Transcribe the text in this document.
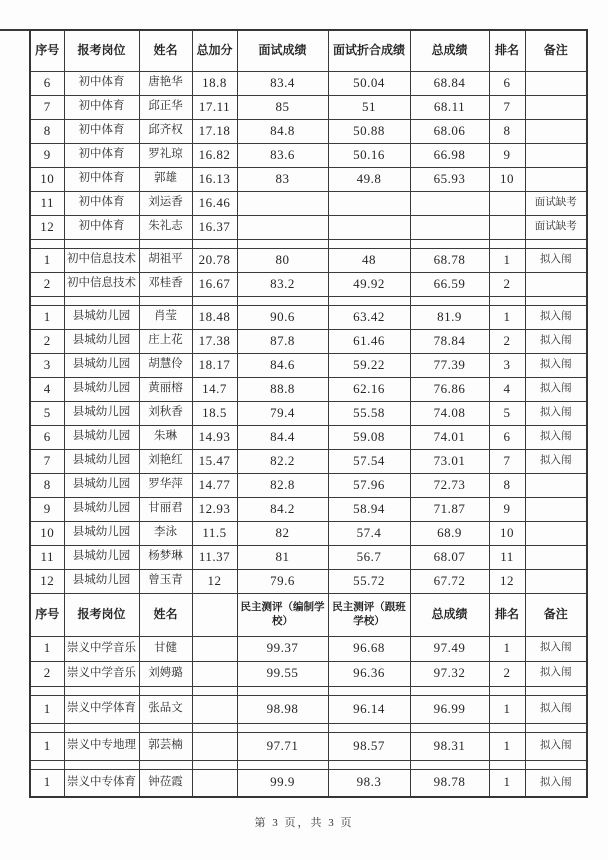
序号	报考岗位	姓名	总加分	面试成绩	面试折合成绩	总成绩	排名	备注
6	初中体育	唐艳华	18.8	83.4	50.04	68.84	6	
7	初中体育	邱正华	17.11	85	51	68.11	7	
8	初中体育	邱齐权	17.18	84.8	50.88	68.06	8	
9	初中体育	罗礼琼	16.82	83.6	50.16	66.98	9	
10	初中体育	郭雄	16.13	83	49.8	65.93	10	
11	初中体育	刘运香	16.46					面试缺考
12	初中体育	朱礼志	16.37					面试缺考

1	初中信息技术	胡祖平	20.78	80	48	68.78	1	拟入闱
2	初中信息技术	邓桂香	16.67	83.2	49.92	66.59	2	

1	县城幼儿园	肖莹	18.48	90.6	63.42	81.9	1	拟入闱
2	县城幼儿园	庄上花	17.38	87.8	61.46	78.84	2	拟入闱
3	县城幼儿园	胡慧伶	18.17	84.6	59.22	77.39	3	拟入闱
4	县城幼儿园	黄丽榕	14.7	88.8	62.16	76.86	4	拟入闱
5	县城幼儿园	刘秋香	18.5	79.4	55.58	74.08	5	拟入闱
6	县城幼儿园	朱琳	14.93	84.4	59.08	74.01	6	拟入闱
7	县城幼儿园	刘艳红	15.47	82.2	57.54	73.01	7	拟入闱
8	县城幼儿园	罗华萍	14.77	82.8	57.96	72.73	8	
9	县城幼儿园	甘丽君	12.93	84.2	58.94	71.87	9	
10	县城幼儿园	李泳	11.5	82	57.4	68.9	10	
11	县城幼儿园	杨梦琳	11.37	81	56.7	68.07	11	
12	县城幼儿园	曾玉青	12	79.6	55.72	67.72	12	
序号	报考岗位	姓名		民主测评（编制学校）	民主测评（跟班学校）	总成绩	排名	备注
1	崇义中学音乐	甘健		99.37	96.68	97.49	1	拟入闱
2	崇义中学音乐	刘娉璐		99.55	96.36	97.32	2	拟入闱

1	崇义中学体育	张品文		98.98	96.14	96.99	1	拟入闱

1	崇义中专地理	郭芸楠		97.71	98.57	98.31	1	拟入闱

1	崇义中专体育	钟莅霞		99.9	98.3	98.78	1	拟入闱
第 3 页，共 3 页
